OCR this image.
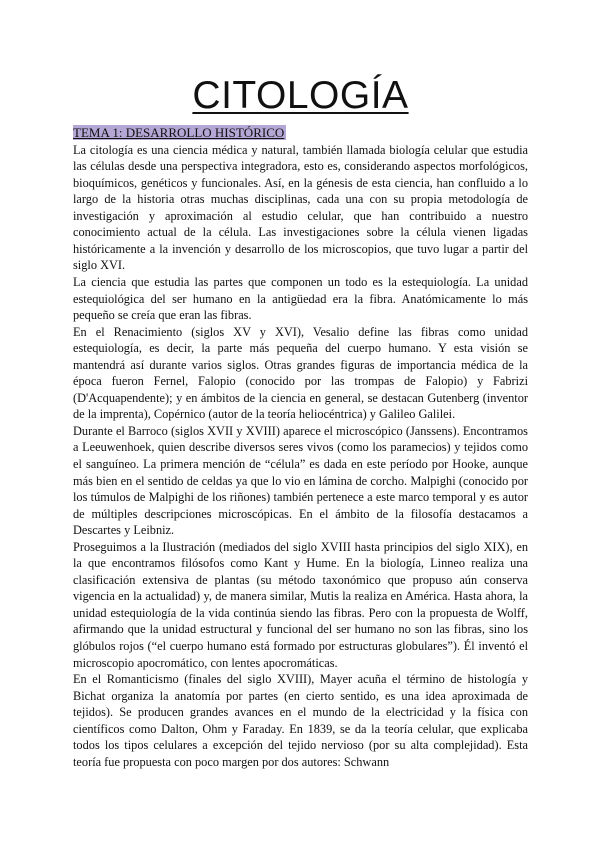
CITOLOGÍA
TEMA 1: DESARROLLO HISTÓRICO

La citología es una ciencia médica y natural, también llamada biología celular que estudia las células desde una perspectiva integradora, esto es, considerando aspectos morfológicos, bioquímicos, genéticos y funcionales. Así, en la génesis de esta ciencia, han confluido a lo largo de la historia otras muchas disciplinas, cada una con su propia metodología de investigación y aproximación al estudio celular, que han contribuido a nuestro conocimiento actual de la célula. Las investigaciones sobre la célula vienen ligadas históricamente a la invención y desarrollo de los microscopios, que tuvo lugar a partir del siglo XVI.

La ciencia que estudia las partes que componen un todo es la estequiología. La unidad estequiológica del ser humano en la antigüedad era la fibra. Anatómicamente lo más pequeño se creía que eran las fibras.

En el Renacimiento (siglos XV y XVI), Vesalio define las fibras como unidad estequiología, es decir, la parte más pequeña del cuerpo humano. Y esta visión se mantendrá así durante varios siglos. Otras grandes figuras de importancia médica de la época fueron Fernel, Falopio (conocido por las trompas de Falopio) y Fabrizi (D'Acquapendente); y en ámbitos de la ciencia en general, se destacan Gutenberg (inventor de la imprenta), Copérnico (autor de la teoría heliocéntrica) y Galileo Galilei.

Durante el Barroco (siglos XVII y XVIII) aparece el microscópico (Janssens). Encontramos a Leeuwenhoek, quien describe diversos seres vivos (como los paramecios) y tejidos como el sanguíneo. La primera mención de “célula” es dada en este período por Hooke, aunque más bien en el sentido de celdas ya que lo vio en lámina de corcho. Malpighi (conocido por los túmulos de Malpighi de los riñones) también pertenece a este marco temporal y es autor de múltiples descripciones microscópicas. En el ámbito de la filosofía destacamos a Descartes y Leibniz.

Proseguimos a la Ilustración (mediados del siglo XVIII hasta principios del siglo XIX), en la que encontramos filósofos como Kant y Hume. En la biología, Linneo realiza una clasificación extensiva de plantas (su método taxonómico que propuso aún conserva vigencia en la actualidad) y, de manera similar, Mutis la realiza en América. Hasta ahora, la unidad estequiología de la vida continúa siendo las fibras. Pero con la propuesta de Wolff, afirmando que la unidad estructural y funcional del ser humano no son las fibras, sino los glóbulos rojos (“el cuerpo humano está formado por estructuras globulares”). Él inventó el microscopio apocromático, con lentes apocromáticas.

En el Romanticismo (finales del siglo XVIII), Mayer acuña el término de histología y Bichat organiza la anatomía por partes (en cierto sentido, es una idea aproximada de tejidos). Se producen grandes avances en el mundo de la electricidad y la física con científicos como Dalton, Ohm y Faraday. En 1839, se da la teoría celular, que explicaba todos los tipos celulares a excepción del tejido nervioso (por su alta complejidad). Esta teoría fue propuesta con poco margen por dos autores: Schwann
